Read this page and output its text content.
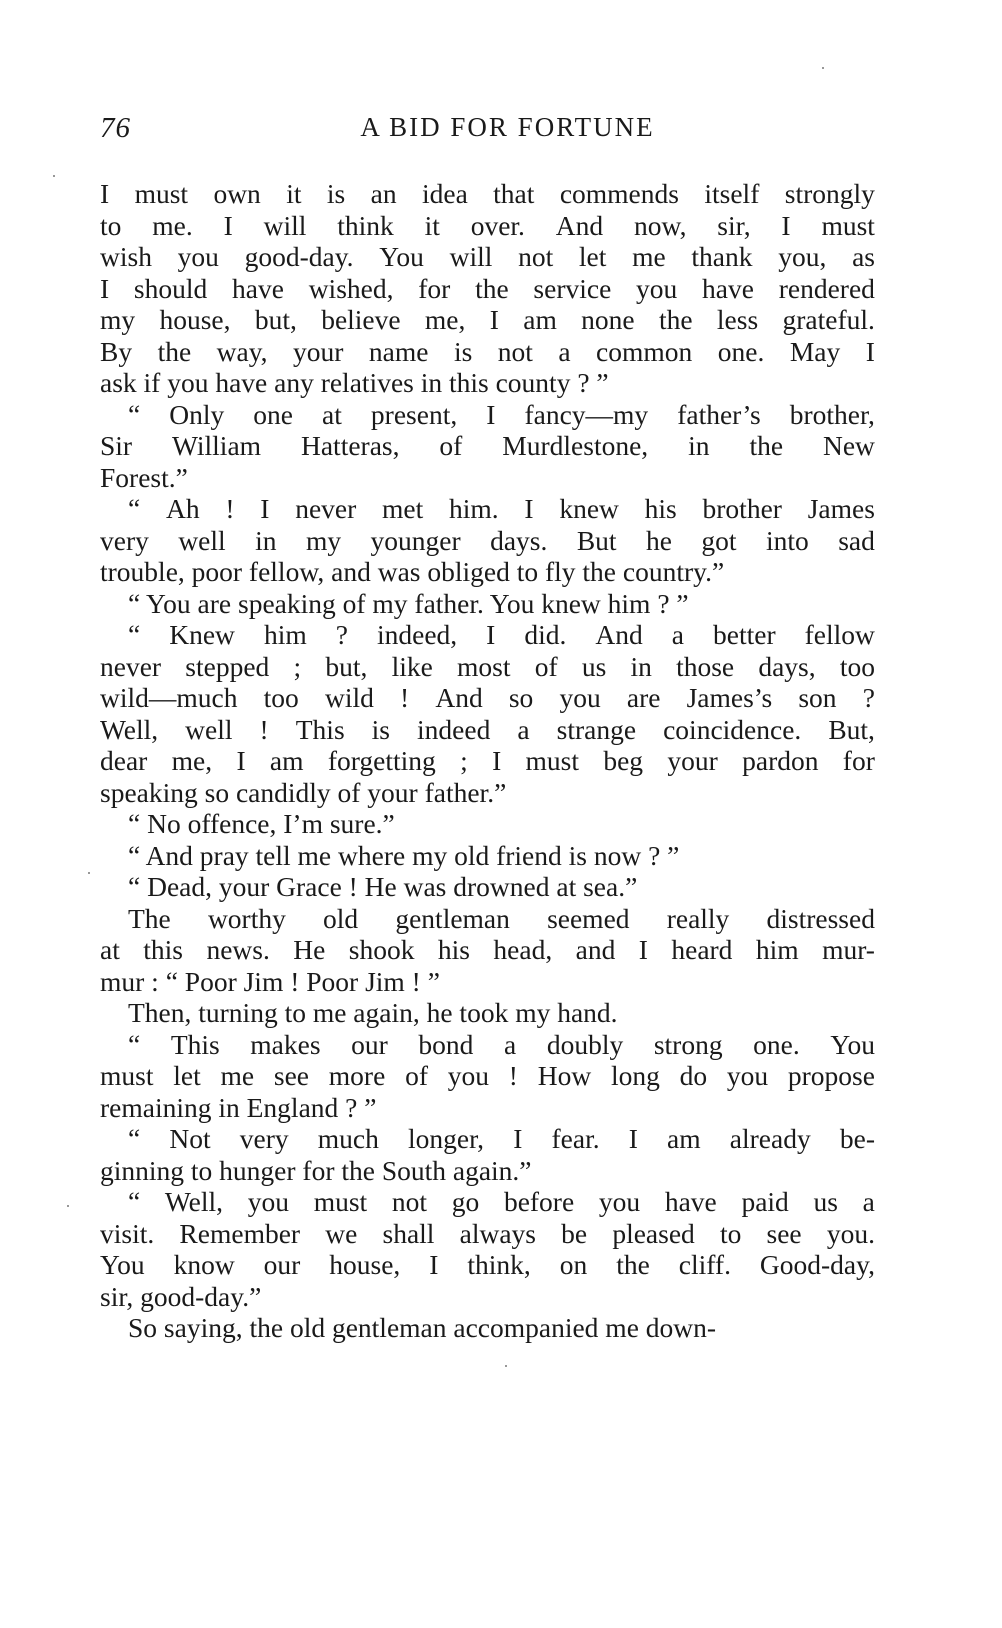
76	A BID FOR FORTUNE
I must own it is an idea that commends itself strongly
to me. I will think it over. And now, sir, I must
wish you good-day. You will not let me thank you, as
I should have wished, for the service you have rendered
my house, but, believe me, I am none the less grateful.
By the way, your name is not a common one. May I
ask if you have any relatives in this county ? ”
“ Only one at present, I fancy—my father’s brother,
Sir William Hatteras, of Murdlestone, in the New
Forest.”
“ Ah ! I never met him. I knew his brother James
very well in my younger days. But he got into sad
trouble, poor fellow, and was obliged to fly the country.”
“ You are speaking of my father. You knew him ? ”
“ Knew him ? indeed, I did. And a better fellow
never stepped ; but, like most of us in those days, too
wild—much too wild ! And so you are James’s son ?
Well, well ! This is indeed a strange coincidence. But,
dear me, I am forgetting ; I must beg your pardon for
speaking so candidly of your father.”
“ No offence, I’m sure.”
“ And pray tell me where my old friend is now ? ”
“ Dead, your Grace ! He was drowned at sea.”
The worthy old gentleman seemed really distressed
at this news. He shook his head, and I heard him mur-
mur : “ Poor Jim ! Poor Jim ! ”
Then, turning to me again, he took my hand.
“ This makes our bond a doubly strong one. You
must let me see more of you ! How long do you propose
remaining in England ? ”
“ Not very much longer, I fear. I am already be-
ginning to hunger for the South again.”
“ Well, you must not go before you have paid us a
visit. Remember we shall always be pleased to see you.
You know our house, I think, on the cliff. Good-day,
sir, good-day.”
So saying, the old gentleman accompanied me down-
